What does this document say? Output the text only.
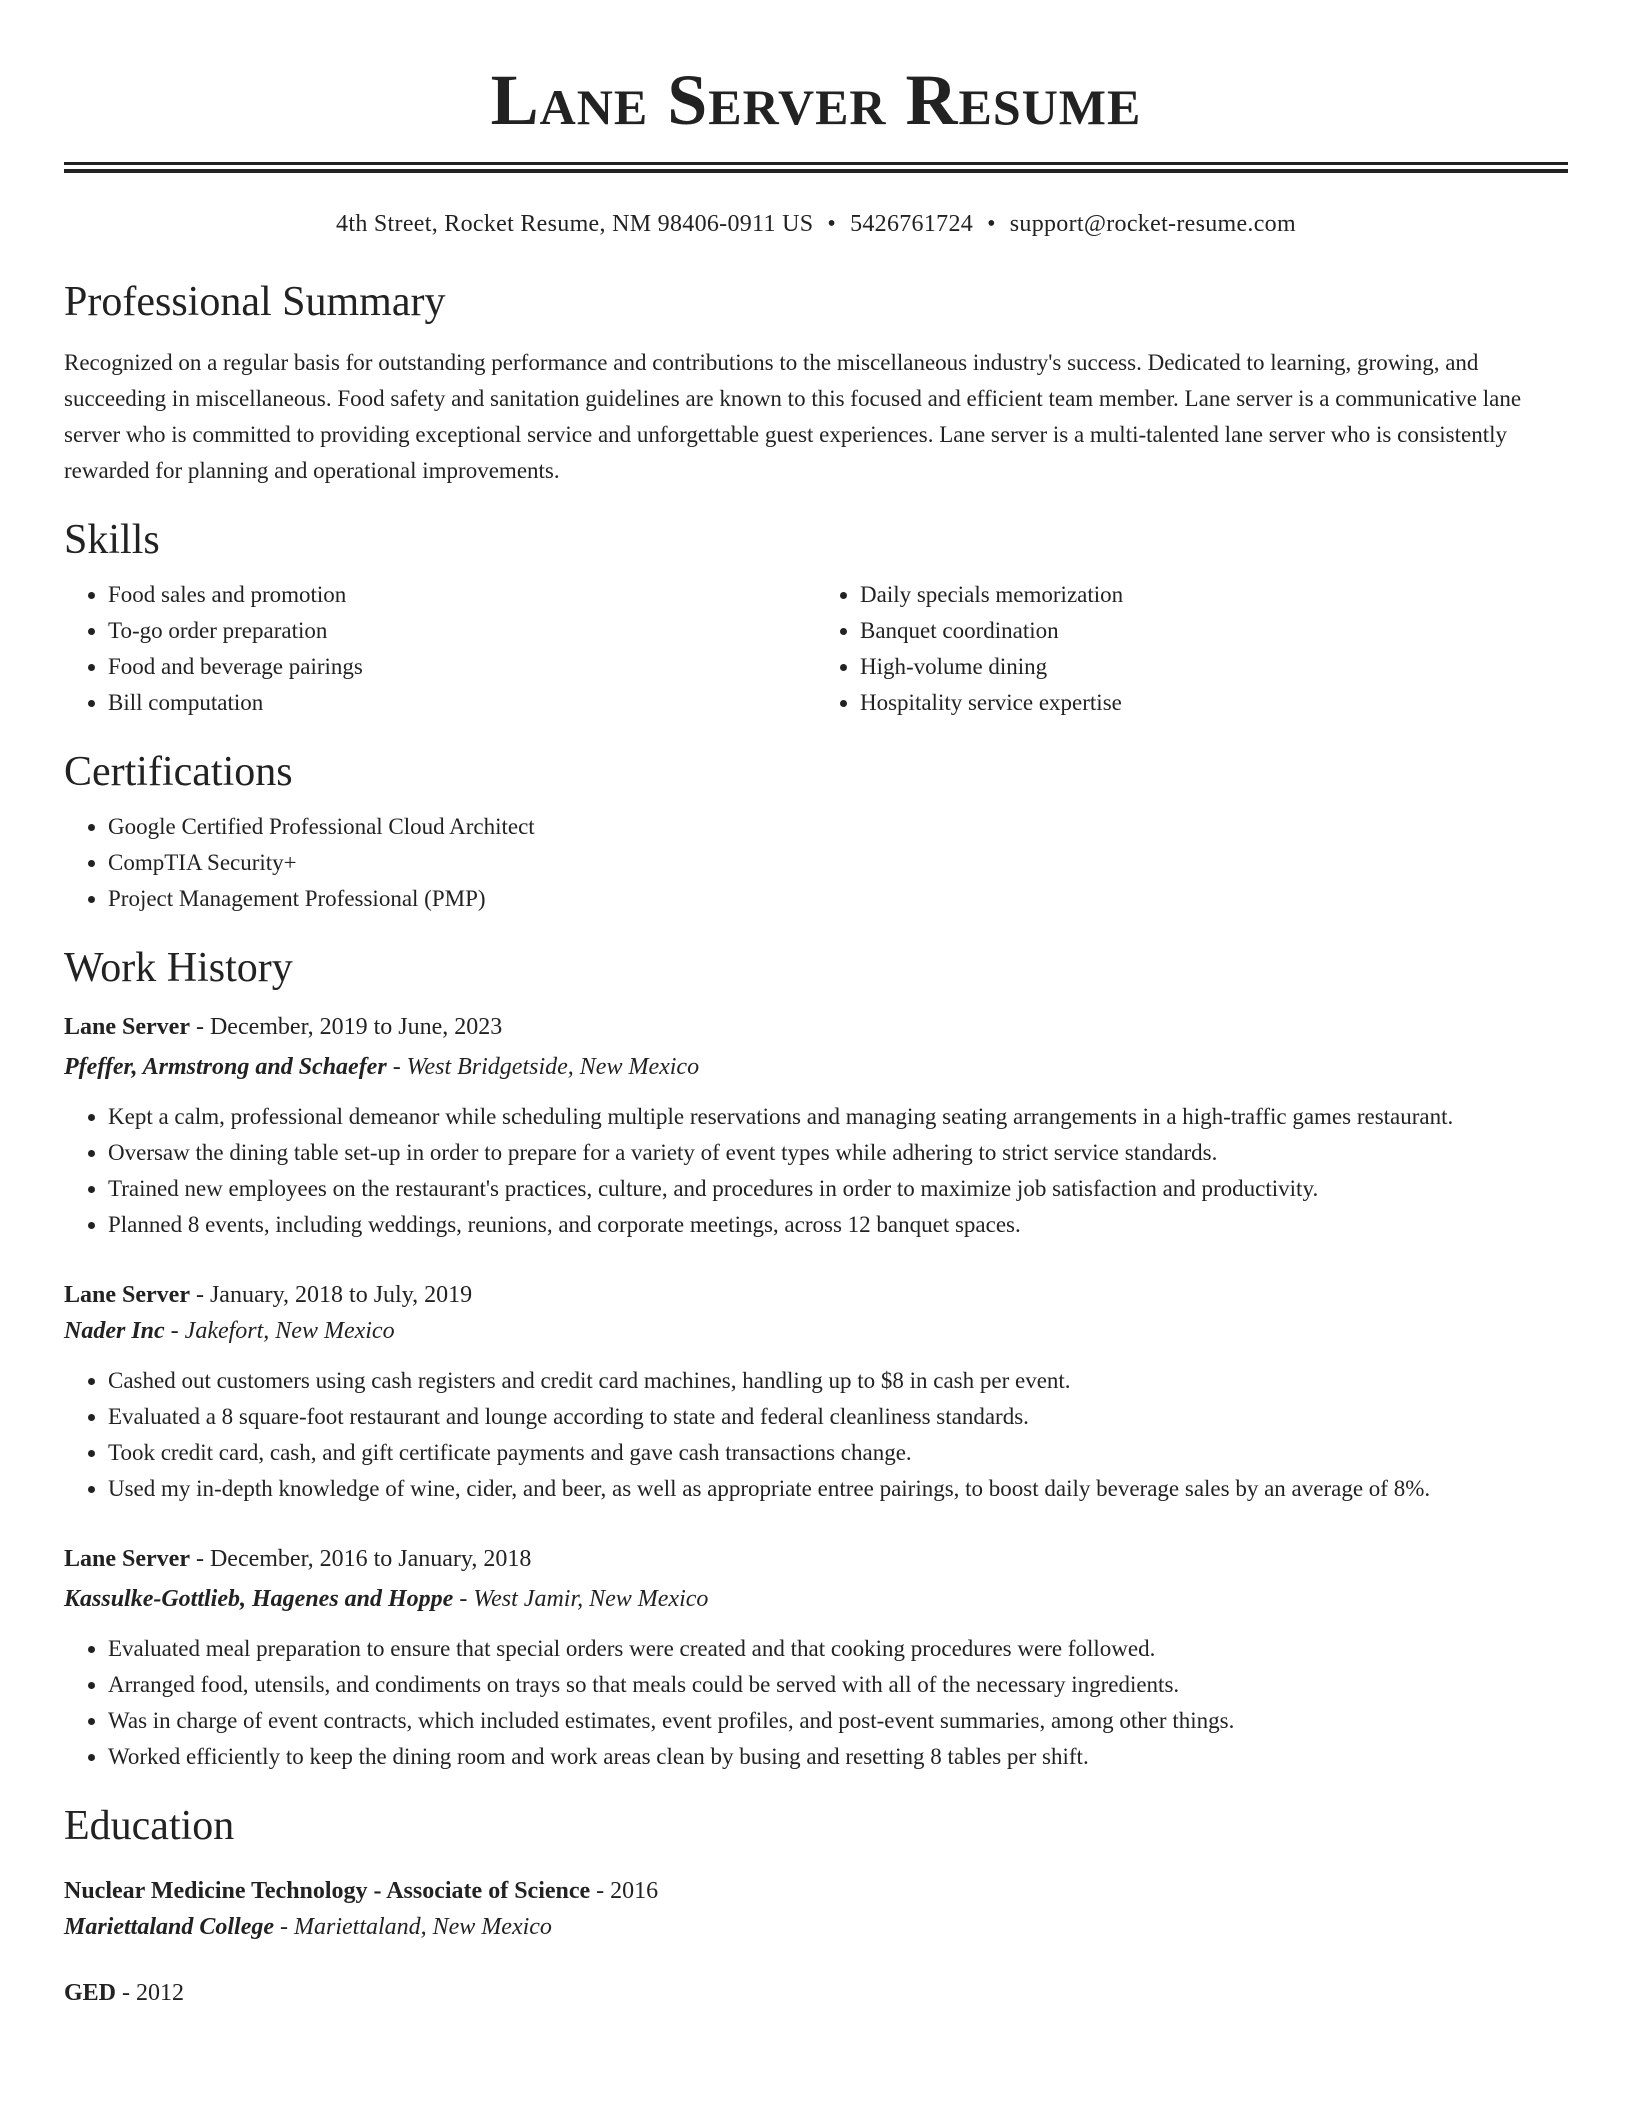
Lane Server Resume
4th Street, Rocket Resume, NM 98406-0911 US • 5426761724 • support@rocket-resume.com
Professional Summary

Recognized on a regular basis for outstanding performance and contributions to the miscellaneous industry's success. Dedicated to learning, growing, and succeeding in miscellaneous. Food safety and sanitation guidelines are known to this focused and efficient team member. Lane server is a communicative lane server who is committed to providing exceptional service and unforgettable guest experiences. Lane server is a multi-talented lane server who is consistently rewarded for planning and operational improvements.

Skills
• Food sales and promotion
• To-go order preparation
• Food and beverage pairings
• Bill computation
• Daily specials memorization
• Banquet coordination
• High-volume dining
• Hospitality service expertise
Certifications
• Google Certified Professional Cloud Architect
• CompTIA Security+
• Project Management Professional (PMP)
Work History
Lane Server - December, 2019 to June, 2023
Pfeffer, Armstrong and Schaefer - West Bridgetside, New Mexico
• Kept a calm, professional demeanor while scheduling multiple reservations and managing seating arrangements in a high-traffic games restaurant.
• Oversaw the dining table set-up in order to prepare for a variety of event types while adhering to strict service standards.
• Trained new employees on the restaurant's practices, culture, and procedures in order to maximize job satisfaction and productivity.
• Planned 8 events, including weddings, reunions, and corporate meetings, across 12 banquet spaces.
Lane Server - January, 2018 to July, 2019
Nader Inc - Jakefort, New Mexico
• Cashed out customers using cash registers and credit card machines, handling up to $8 in cash per event.
• Evaluated a 8 square-foot restaurant and lounge according to state and federal cleanliness standards.
• Took credit card, cash, and gift certificate payments and gave cash transactions change.
• Used my in-depth knowledge of wine, cider, and beer, as well as appropriate entree pairings, to boost daily beverage sales by an average of 8%.
Lane Server - December, 2016 to January, 2018
Kassulke-Gottlieb, Hagenes and Hoppe - West Jamir, New Mexico
• Evaluated meal preparation to ensure that special orders were created and that cooking procedures were followed.
• Arranged food, utensils, and condiments on trays so that meals could be served with all of the necessary ingredients.
• Was in charge of event contracts, which included estimates, event profiles, and post-event summaries, among other things.
• Worked efficiently to keep the dining room and work areas clean by busing and resetting 8 tables per shift.
Education
Nuclear Medicine Technology - Associate of Science - 2016
Mariettaland College - Mariettaland, New Mexico
GED - 2012
